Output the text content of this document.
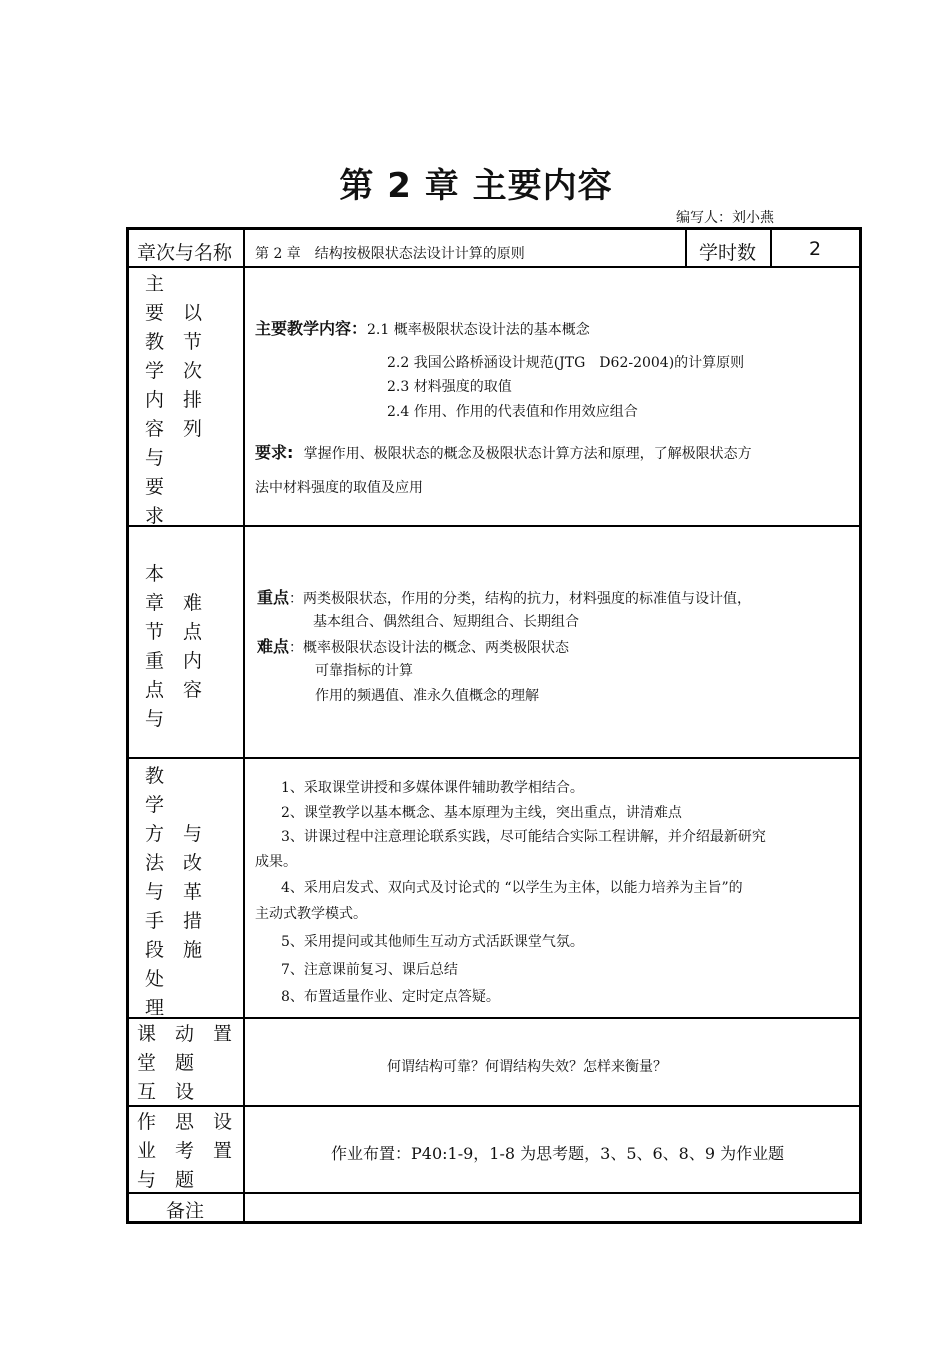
第 2 章 主要内容
编写人：刘小燕
章次与名称 第 2 章　结构按极限状态法设计计算的原则	学时数	2
主
要 以
教 节
学 次
内 排
容 列
与
要
求
主要教学内容：2.1 概率极限状态设计法的基本概念
2.2 我国公路桥涵设计规范(JTG　D62-2004)的计算原则
2.3 材料强度的取值
2.4 作用、作用的代表值和作用效应组合
要求: 掌握作用、极限状态的概念及极限状态计算方法和原理，了解极限状态方
法中材料强度的取值及应用
本
章 难
节 点
重 内
点 容
与
重点：两类极限状态，作用的分类，结构的抗力，材料强度的标准值与设计值，
基本组合、偶然组合、短期组合、长期组合
难点：概率极限状态设计法的概念、两类极限状态
可靠指标的计算
作用的频遇值、准永久值概念的理解
教
学
方 与
法 改
与 革
手 措
段 施
处
理
1、采取课堂讲授和多媒体课件辅助教学相结合。
2、课堂教学以基本概念、基本原理为主线，突出重点，讲清难点
3、讲课过程中注意理论联系实践，尽可能结合实际工程讲解，并介绍最新研究
成果。
4、采用启发式、双向式及讨论式的 “以学生为主体，以能力培养为主旨”的
主动式教学模式。
5、采用提问或其他师生互动方式活跃课堂气氛。
7、注意课前复习、课后总结
8、布置适量作业、定时定点答疑。
课 动 置
堂 题
互 设
何谓结构可靠？何谓结构失效？怎样来衡量？
作 思 设
业 考 置
与 题
作业布置：P40:1-9，1-8 为思考题，3、5、6、8、9 为作业题
备注
